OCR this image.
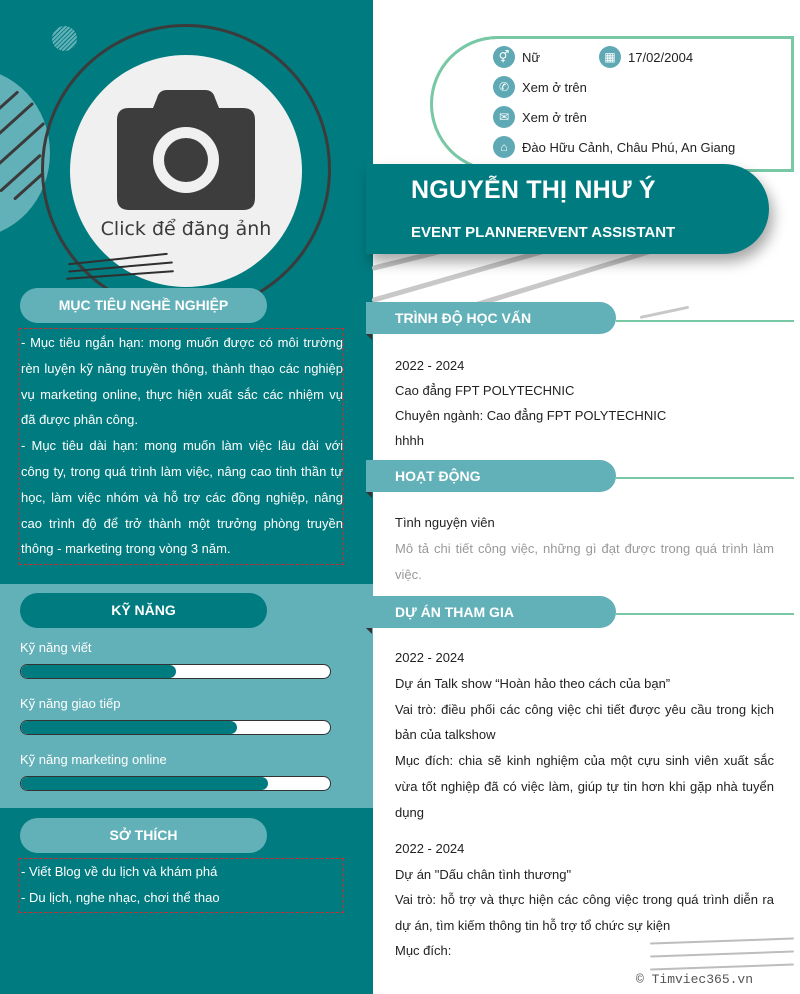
Click để đăng ảnh
MỤC TIÊU NGHỀ NGHIỆP
- Mục tiêu ngắn hạn: mong muốn được có môi trường rèn luyện kỹ năng truyền thông, thành thạo các nghiệp vụ marketing online, thực hiện xuất sắc các nhiệm vụ đã được phân công.
- Mục tiêu dài hạn: mong muốn làm việc lâu dài với công ty, trong quá trình làm việc, nâng cao tinh thần tự học, làm việc nhóm và hỗ trợ các đồng nghiệp, nâng cao trình độ để trở thành một trưởng phòng truyền thông - marketing trong vòng 3 năm.
KỸ NĂNG
Kỹ năng viết
Kỹ năng giao tiếp
Kỹ năng marketing online
SỞ THÍCH
- Viết Blog về du lịch và khám phá
- Du lịch, nghe nhạc, chơi thể thao
⚥ Nữ	▦ 17/02/2004
✆ Xem ở trên
✉ Xem ở trên
⌂	Đào Hữu Cảnh, Châu Phú, An Giang
NGUYỄN THỊ NHƯ Ý
EVENT PLANNEREVENT ASSISTANT
TRÌNH ĐỘ HỌC VẤN
2022 - 2024
Cao đẳng FPT POLYTECHNIC
Chuyên ngành: Cao đẳng FPT POLYTECHNIC
hhhh
HOẠT ĐỘNG
Tình nguyện viên
Mô tả chi tiết công việc, những gì đạt được trong quá trình làm việc.
DỰ ÁN THAM GIA
2022 - 2024
Dự án Talk show “Hoàn hảo theo cách của bạn”
Vai trò: điều phối các công việc chi tiết được yêu cầu trong kịch bản của talkshow
Mục đích: chia sẽ kinh nghiệm của một cựu sinh viên xuất sắc vừa tốt nghiệp đã có việc làm, giúp tự tin hơn khi gặp nhà tuyển dụng
2022 - 2024
Dự án "Dấu chân tình thương"
Vai trò: hỗ trợ và thực hiện các công việc trong quá trình diễn ra dự án, tìm kiếm thông tin hỗ trợ tổ chức sự kiện
Mục đích:
© Timviec365.vn
